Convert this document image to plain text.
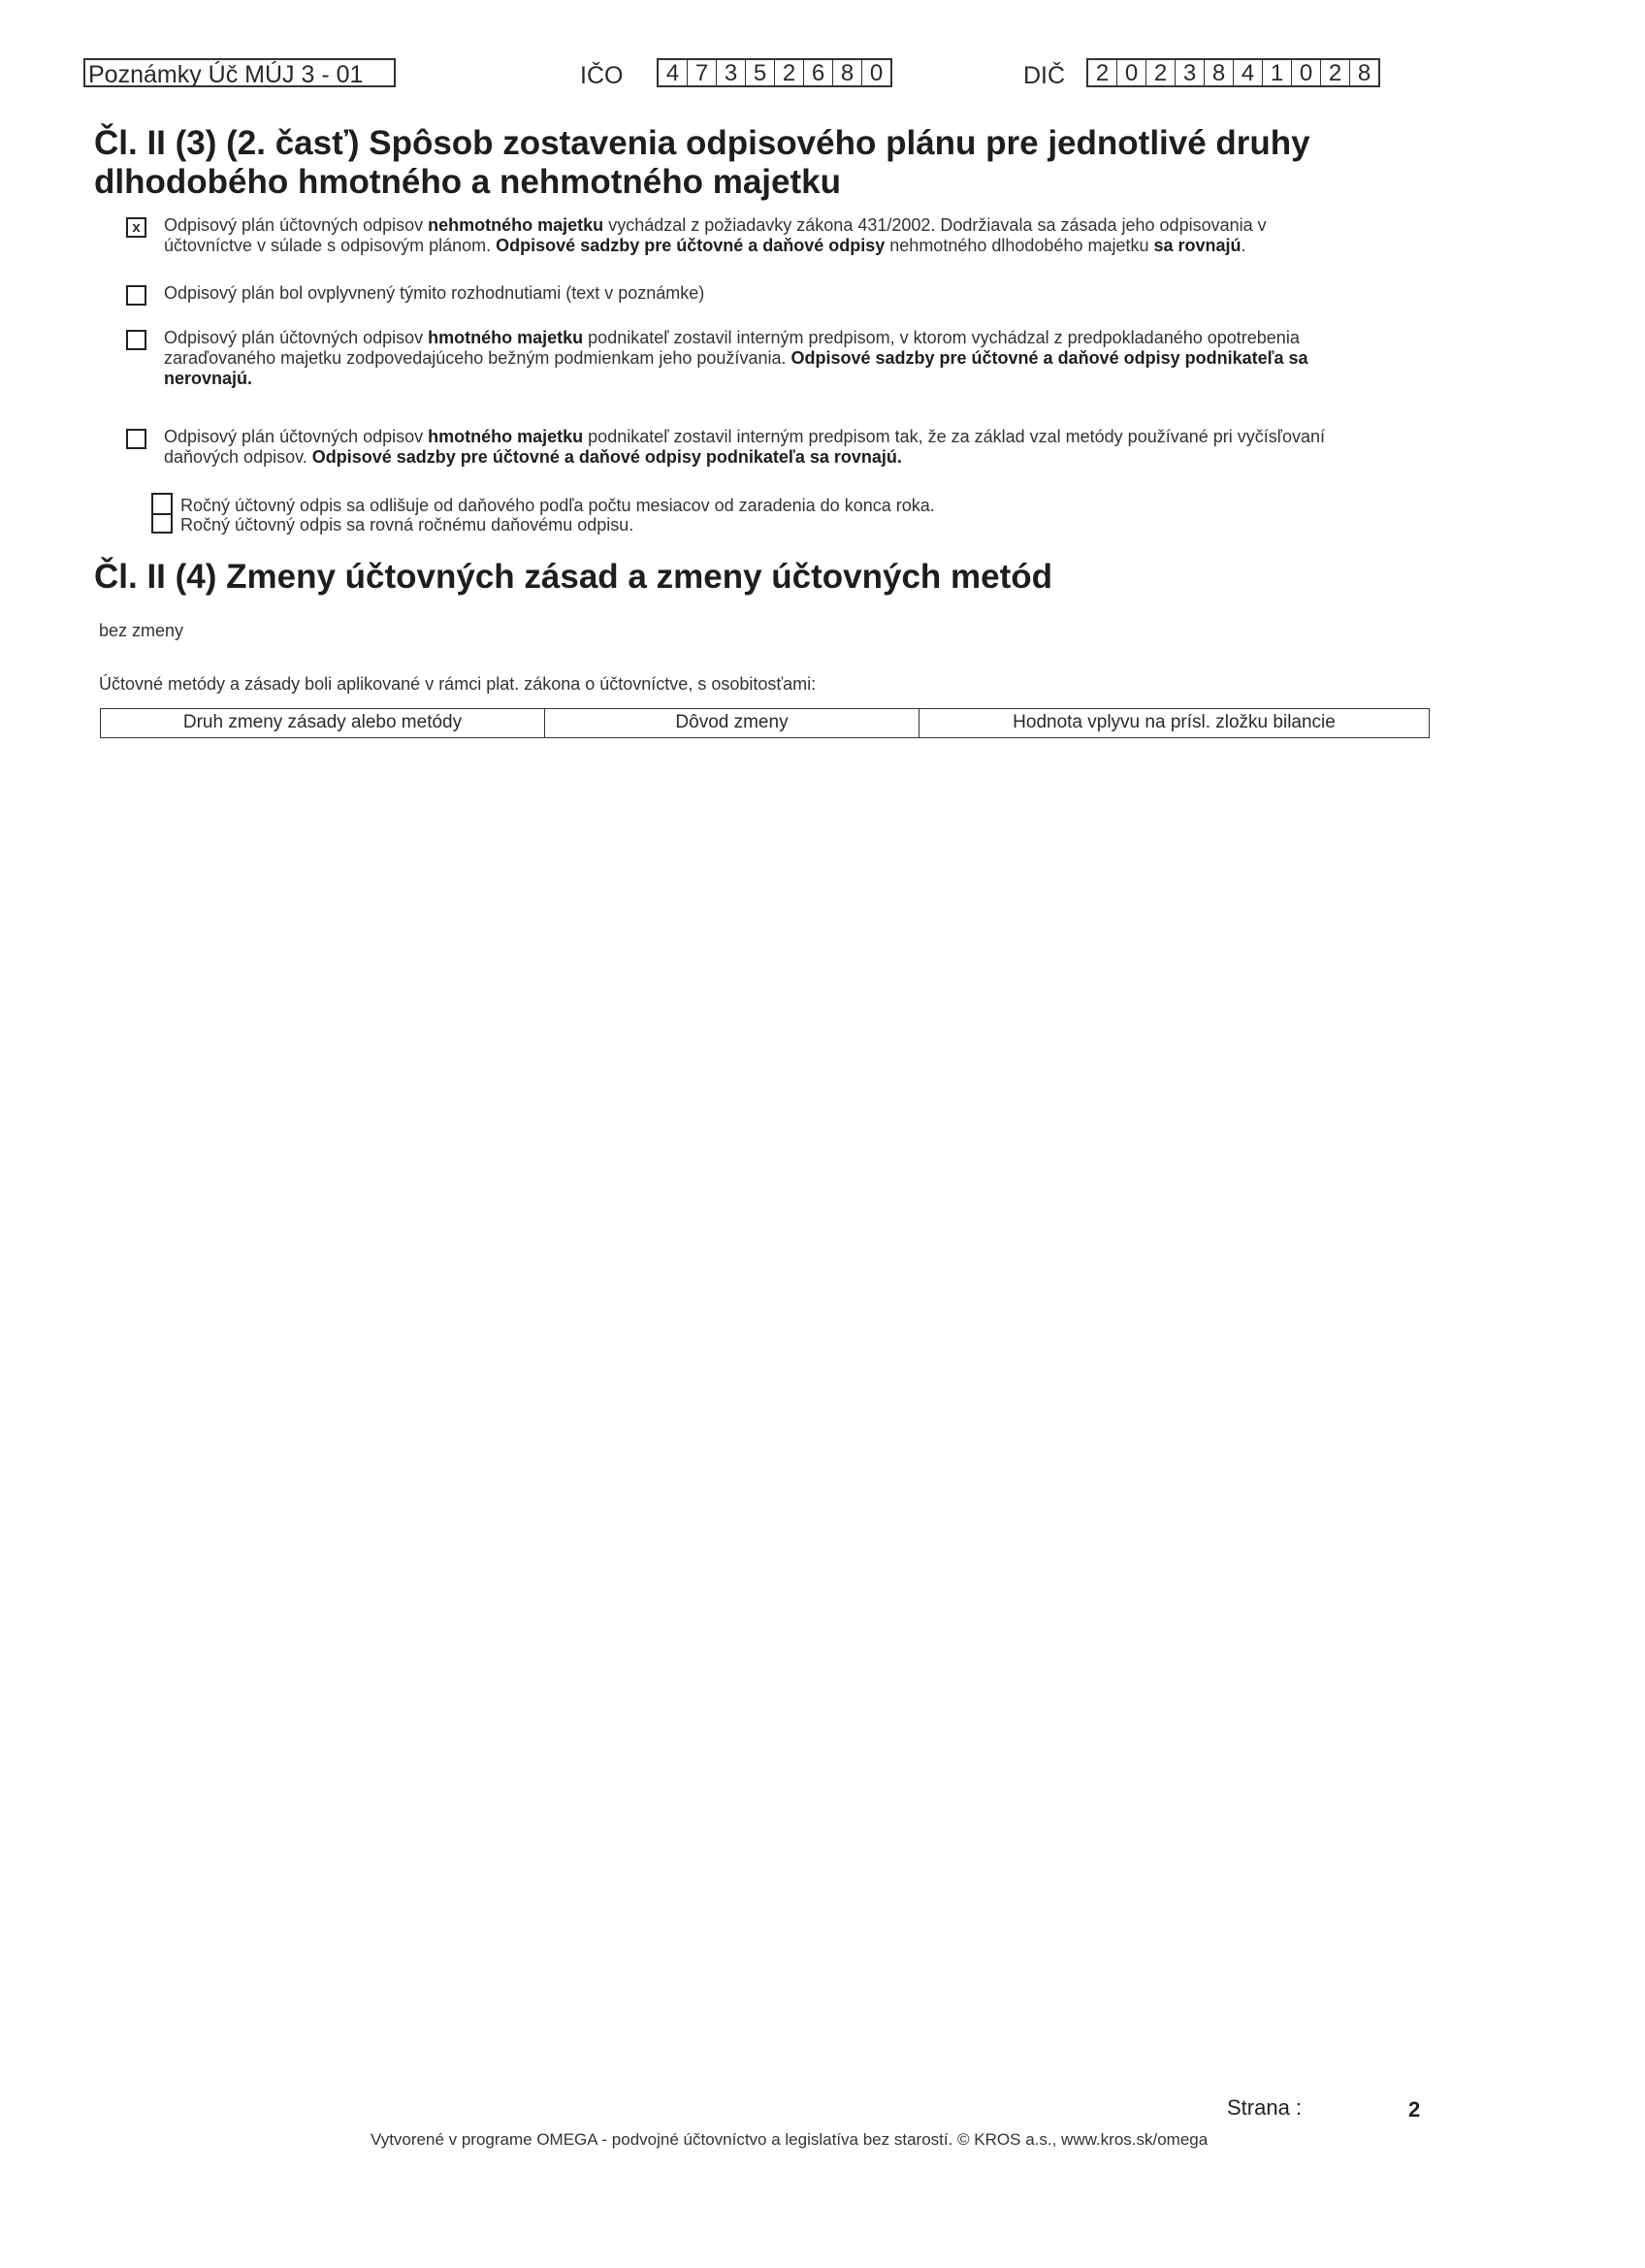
Poznámky Úč MÚJ 3 - 01	IČO	4 7 3 5 2 6 8 0	DIČ	2 0 2 3 8 4 1 0 2 8
Čl. II (3) (2. časť) Spôsob zostavenia odpisového plánu pre jednotlivé druhy
dlhodobého hmotného a nehmotného majetku
x	Odpisový plán účtovných odpisov nehmotného majetku vychádzal z požiadavky zákona 431/2002. Dodržiavala sa zásada jeho odpisovania v
účtovníctve v súlade s odpisovým plánom. Odpisové sadzby pre účtovné a daňové odpisy nehmotného dlhodobého majetku sa rovnajú.
Odpisový plán bol ovplyvnený týmito rozhodnutiami (text v poznámke)
Odpisový plán účtovných odpisov hmotného majetku podnikateľ zostavil interným predpisom, v ktorom vychádzal z predpokladaného opotrebenia
zaraďovaného majetku zodpovedajúceho bežným podmienkam jeho používania. Odpisové sadzby pre účtovné a daňové odpisy podnikateľa sa
nerovnajú.
Odpisový plán účtovných odpisov hmotného majetku podnikateľ zostavil interným predpisom tak, že za základ vzal metódy používané pri vyčísľovaní
daňových odpisov. Odpisové sadzby pre účtovné a daňové odpisy podnikateľa sa rovnajú.
Ročný účtovný odpis sa odlišuje od daňového podľa počtu mesiacov od zaradenia do konca roka.
Ročný účtovný odpis sa rovná ročnému daňovému odpisu.
Čl. II (4) Zmeny účtovných zásad a zmeny účtovných metód
bez zmeny
Účtovné metódy a zásady boli aplikované v rámci plat. zákona o účtovníctve, s osobitosťami:
Druh zmeny zásady alebo metódy	Dôvod zmeny	Hodnota vplyvu na prísl. zložku bilancie
Strana :	2
Vytvorené v programe OMEGA - podvojné účtovníctvo a legislatíva bez starostí. © KROS a.s., www.kros.sk/omega
